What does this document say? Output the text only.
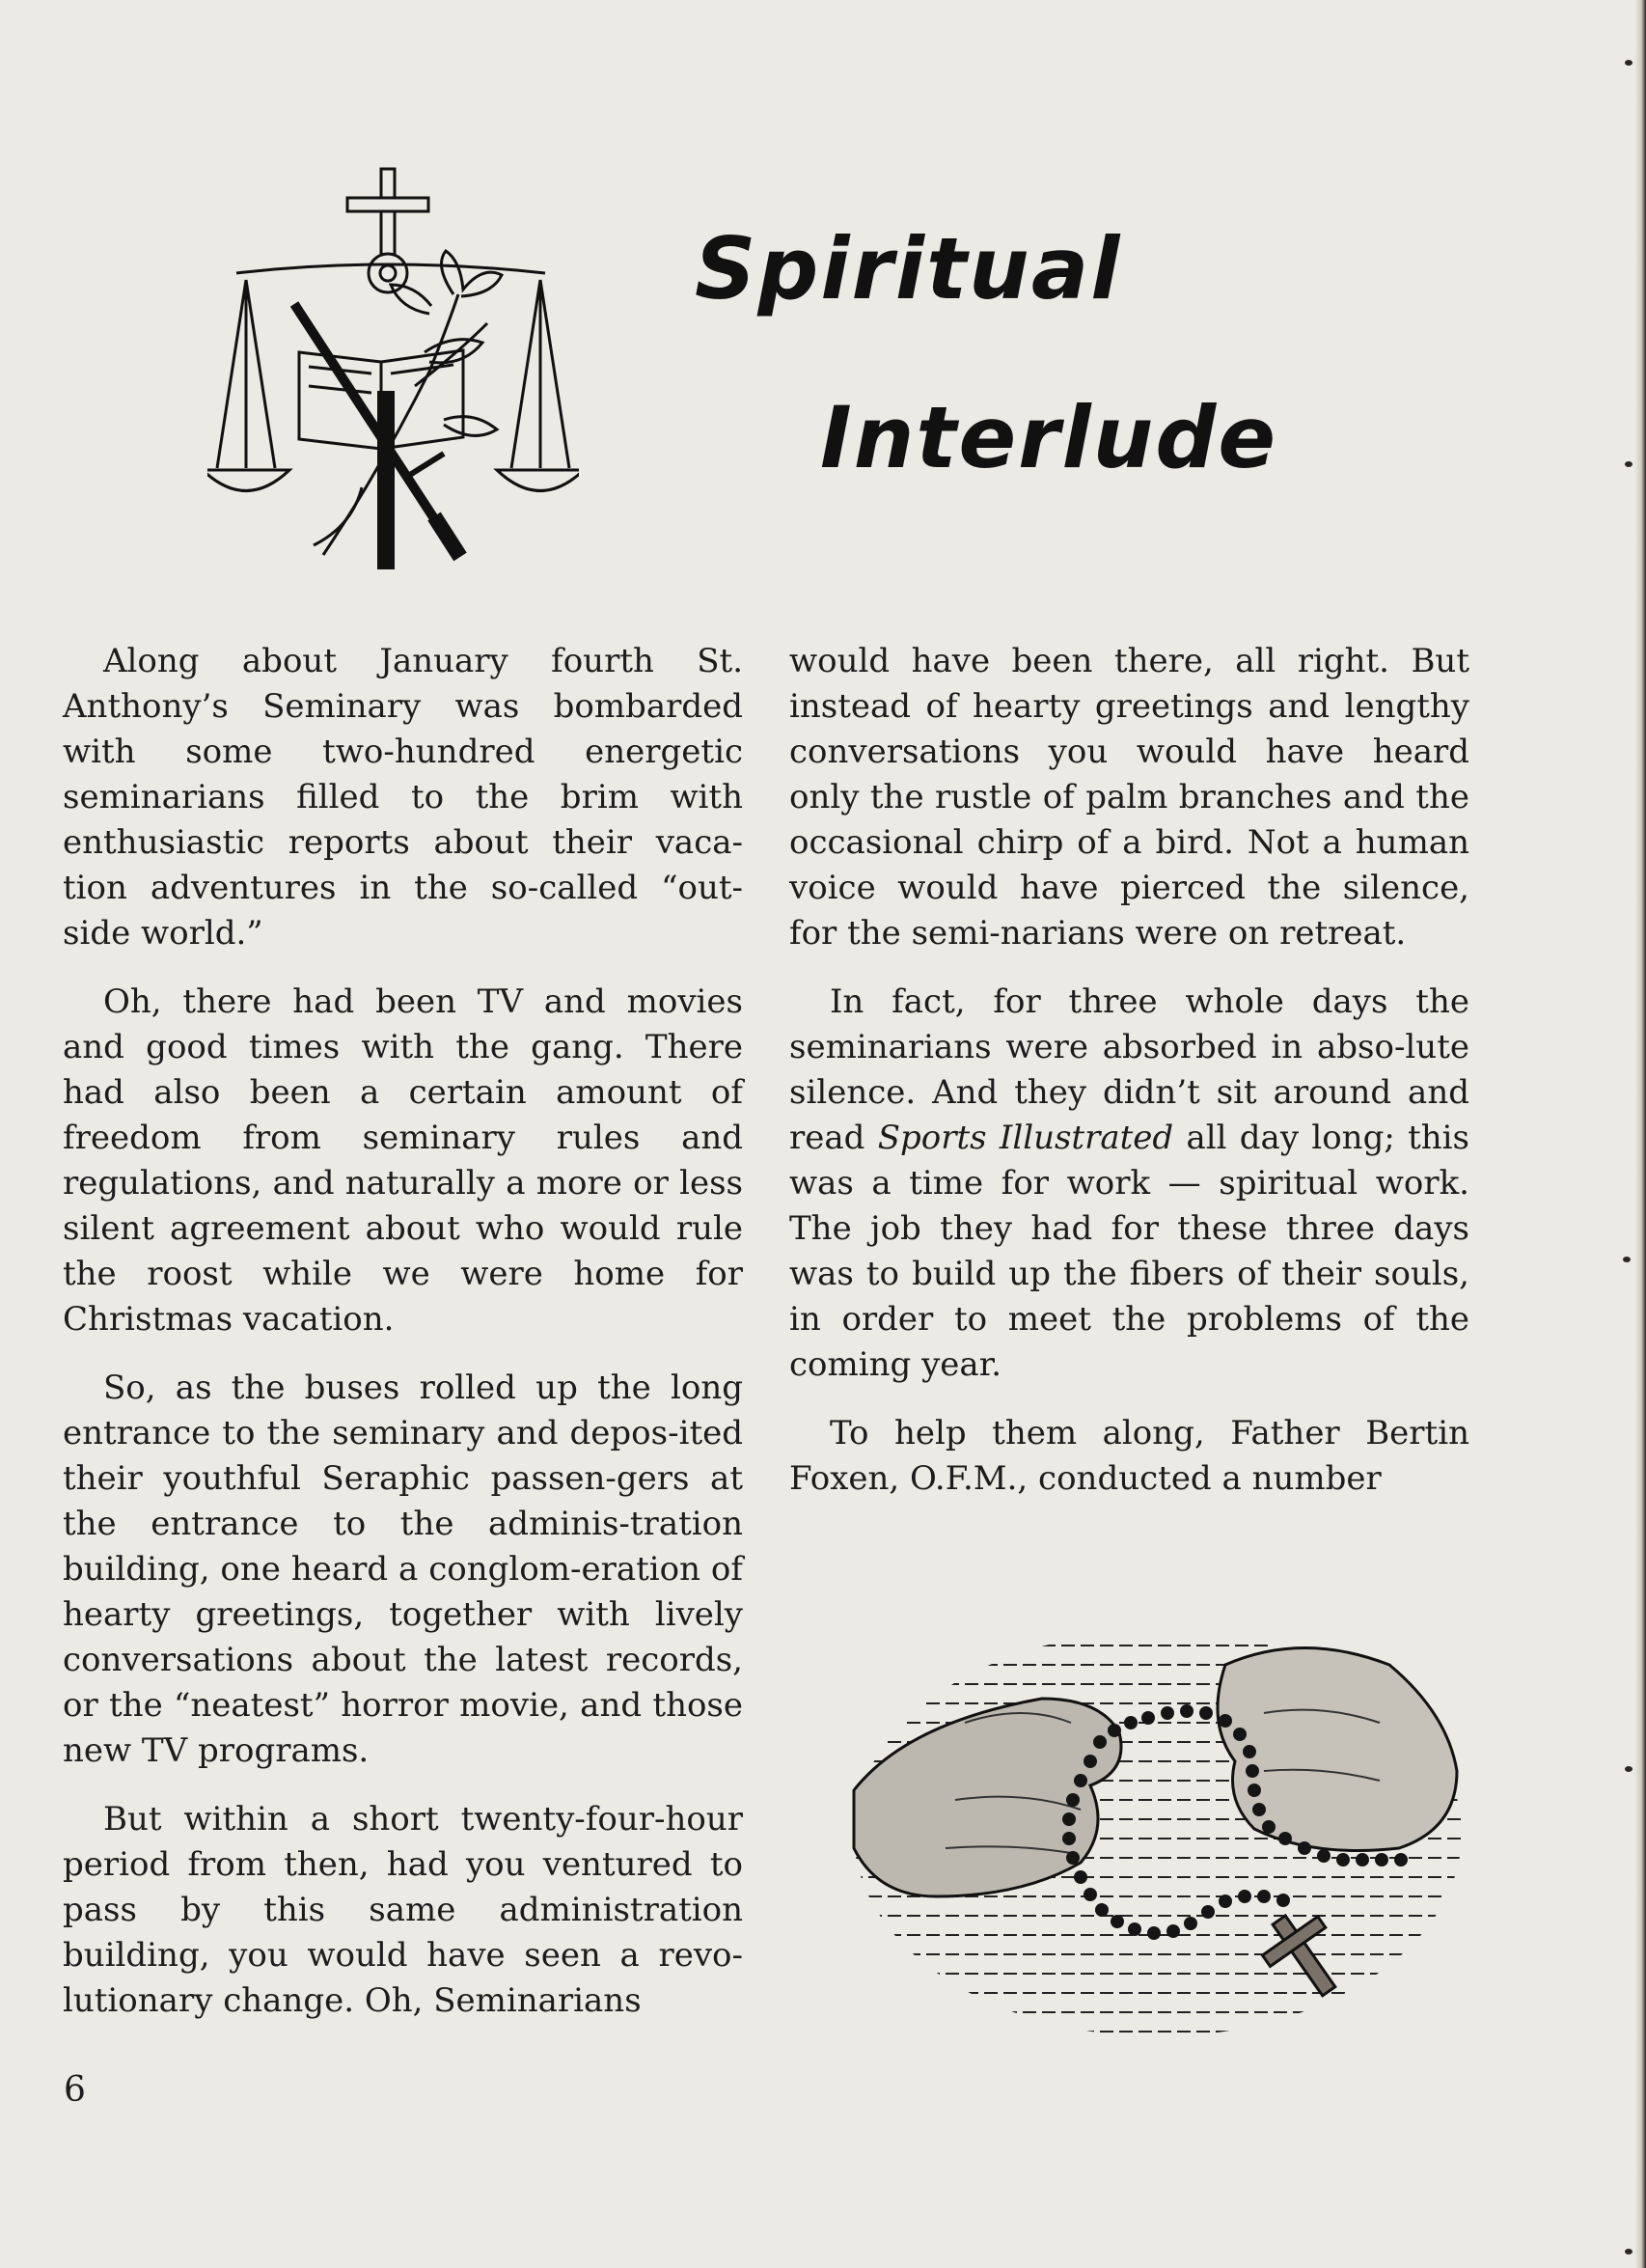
Spiritual
Interlude

Along about January fourth St. Anthony’s Seminary was bombarded with some two-hundred energetic seminarians filled to the brim with enthusiastic reports about their vaca-tion adventures in the so-called “out-side world.”

Oh, there had been TV and movies and good times with the gang. There had also been a certain amount of freedom from seminary rules and regulations, and naturally a more or less silent agreement about who would rule the roost while we were home for Christmas vacation.

So, as the buses rolled up the long entrance to the seminary and depos-ited their youthful Seraphic passen-gers at the entrance to the adminis-tration building, one heard a conglom-eration of hearty greetings, together with lively conversations about the latest records, or the “neatest” horror movie, and those new TV programs.

But within a short twenty-four-hour period from then, had you ventured to pass by this same administration building, you would have seen a revo-lutionary change. Oh, Seminarians

would have been there, all right. But instead of hearty greetings and lengthy conversations you would have heard only the rustle of palm branches and the occasional chirp of a bird. Not a human voice would have pierced the silence, for the semi-narians were on retreat.

In fact, for three whole days the seminarians were absorbed in abso-lute silence. And they didn’t sit around and read Sports Illustrated all day long; this was a time for work — spiritual work. The job they had for these three days was to build up the fibers of their souls, in order to meet the problems of the coming year.

To help them along, Father Bertin Foxen, O.F.M., conducted a number

6
